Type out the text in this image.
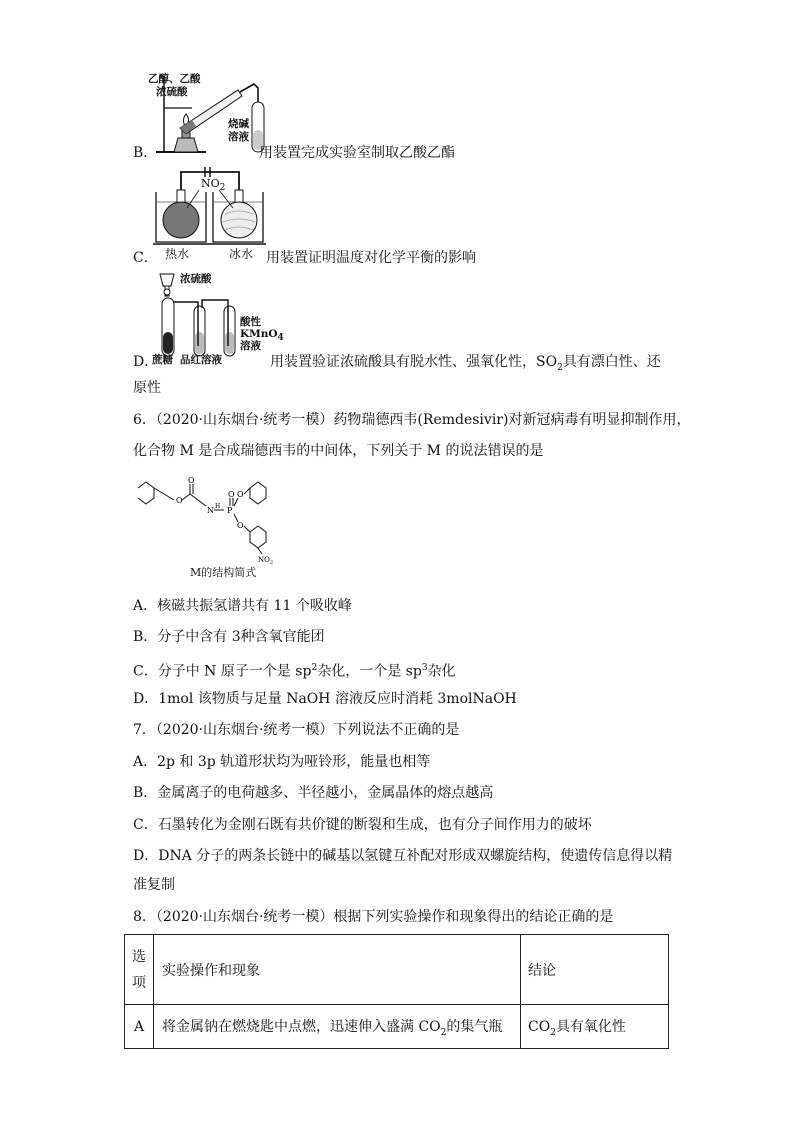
乙醇、乙酸
浓硫酸
烧碱
溶液
B．	用装置完成实验室制取乙酸乙酯
$NO_2$
热水	冰水
C．	用装置证明温度对化学平衡的影响
浓硫酸
蔗糖 品红溶液
酸性
KMnO$_4$
溶液
D．	用装置验证浓硫酸具有脱水性、强氧化性，$SO_2$具有漂白性、还
原性
6．（2020·山东烟台·统考一模）药物瑞德西韦(Remdesivir)对新冠病毒有明显抑制作用，
化合物 M 是合成瑞德西韦的中间体，下列关于 M 的说法错误的是
O
O
N H P
O O
O
$NO_2$
M的结构简式
A．核磁共振氢谱共有 11 个吸收峰
B．分子中含有 3种含氧官能团
C．分子中 N 原子一个是 $sp^2$杂化，一个是 $sp^3$杂化
D．1mol 该物质与足量 NaOH 溶液反应时消耗 3molNaOH
7．（2020·山东烟台·统考一模）下列说法不正确的是
A．2p 和 3p 轨道形状均为哑铃形，能量也相等
B．金属离子的电荷越多、半径越小，金属晶体的熔点越高
C．石墨转化为金刚石既有共价键的断裂和生成，也有分子间作用力的破坏
D．DNA 分子的两条长链中的碱基以氢键互补配对形成双螺旋结构，使遗传信息得以精
准复制
8．（2020·山东烟台·统考一模）根据下列实验操作和现象得出的结论正确的是
选
项	实验操作和现象	结论
A	将金属钠在燃烧匙中点燃，迅速伸入盛满 $CO_2$的集气瓶	$CO_2$具有氧化性
